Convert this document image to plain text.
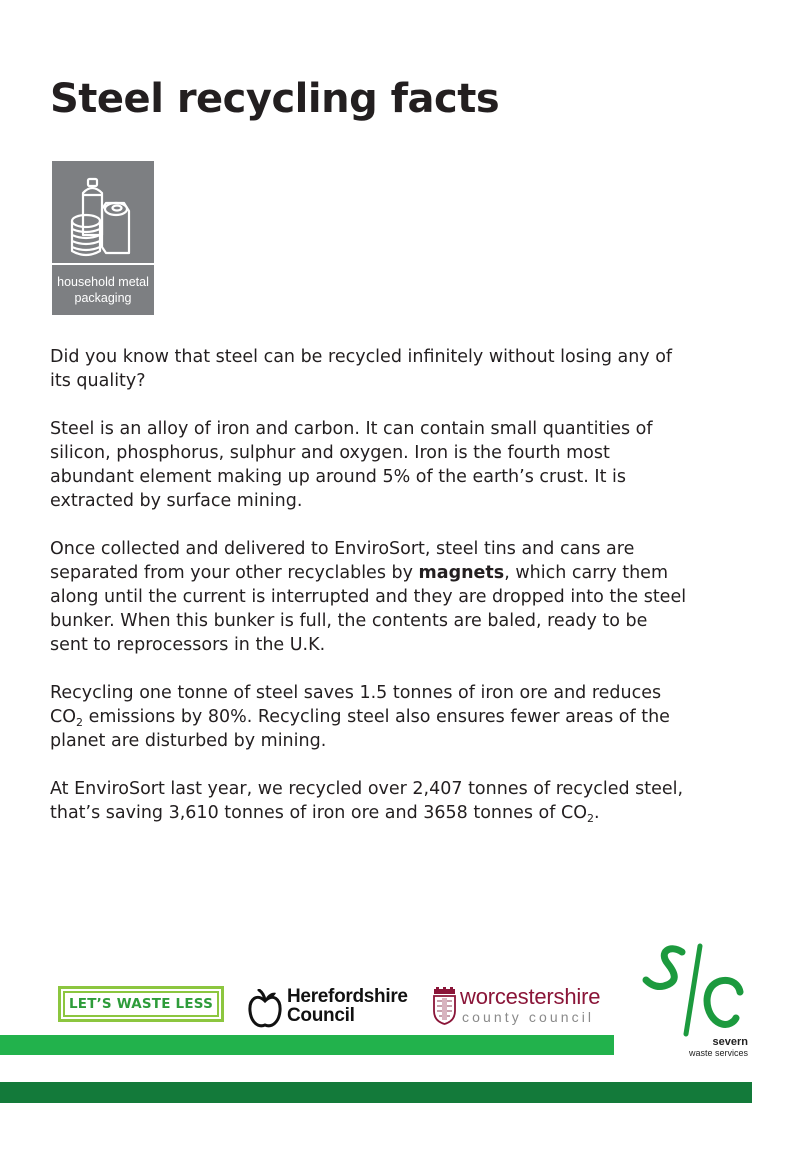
Steel recycling facts
household metal
packaging

Did you know that steel can be recycled infinitely without losing any of its quality?

Steel is an alloy of iron and carbon. It can contain small quantities of silicon, phosphorus, sulphur and oxygen. Iron is the fourth most abundant element making up around 5% of the earth’s crust. It is extracted by surface mining.

Once collected and delivered to EnviroSort, steel tins and cans are separated from your other recyclables by magnets, which carry them along until the current is interrupted and they are dropped into the steel bunker. When this bunker is full, the contents are baled, ready to be sent to reprocessors in the U.K.

Recycling one tonne of steel saves 1.5 tonnes of iron ore and reduces $CO_2$ emissions by 80%. Recycling steel also ensures fewer areas of the planet are disturbed by mining.

At EnviroSort last year, we recycled over 2,407 tonnes of recycled steel, that’s saving 3,610 tonnes of iron ore and 3658 tonnes of $CO_2$.

LET’S WASTE LESS	Herefordshire
Council
worcestershire
county council
severn
waste services
